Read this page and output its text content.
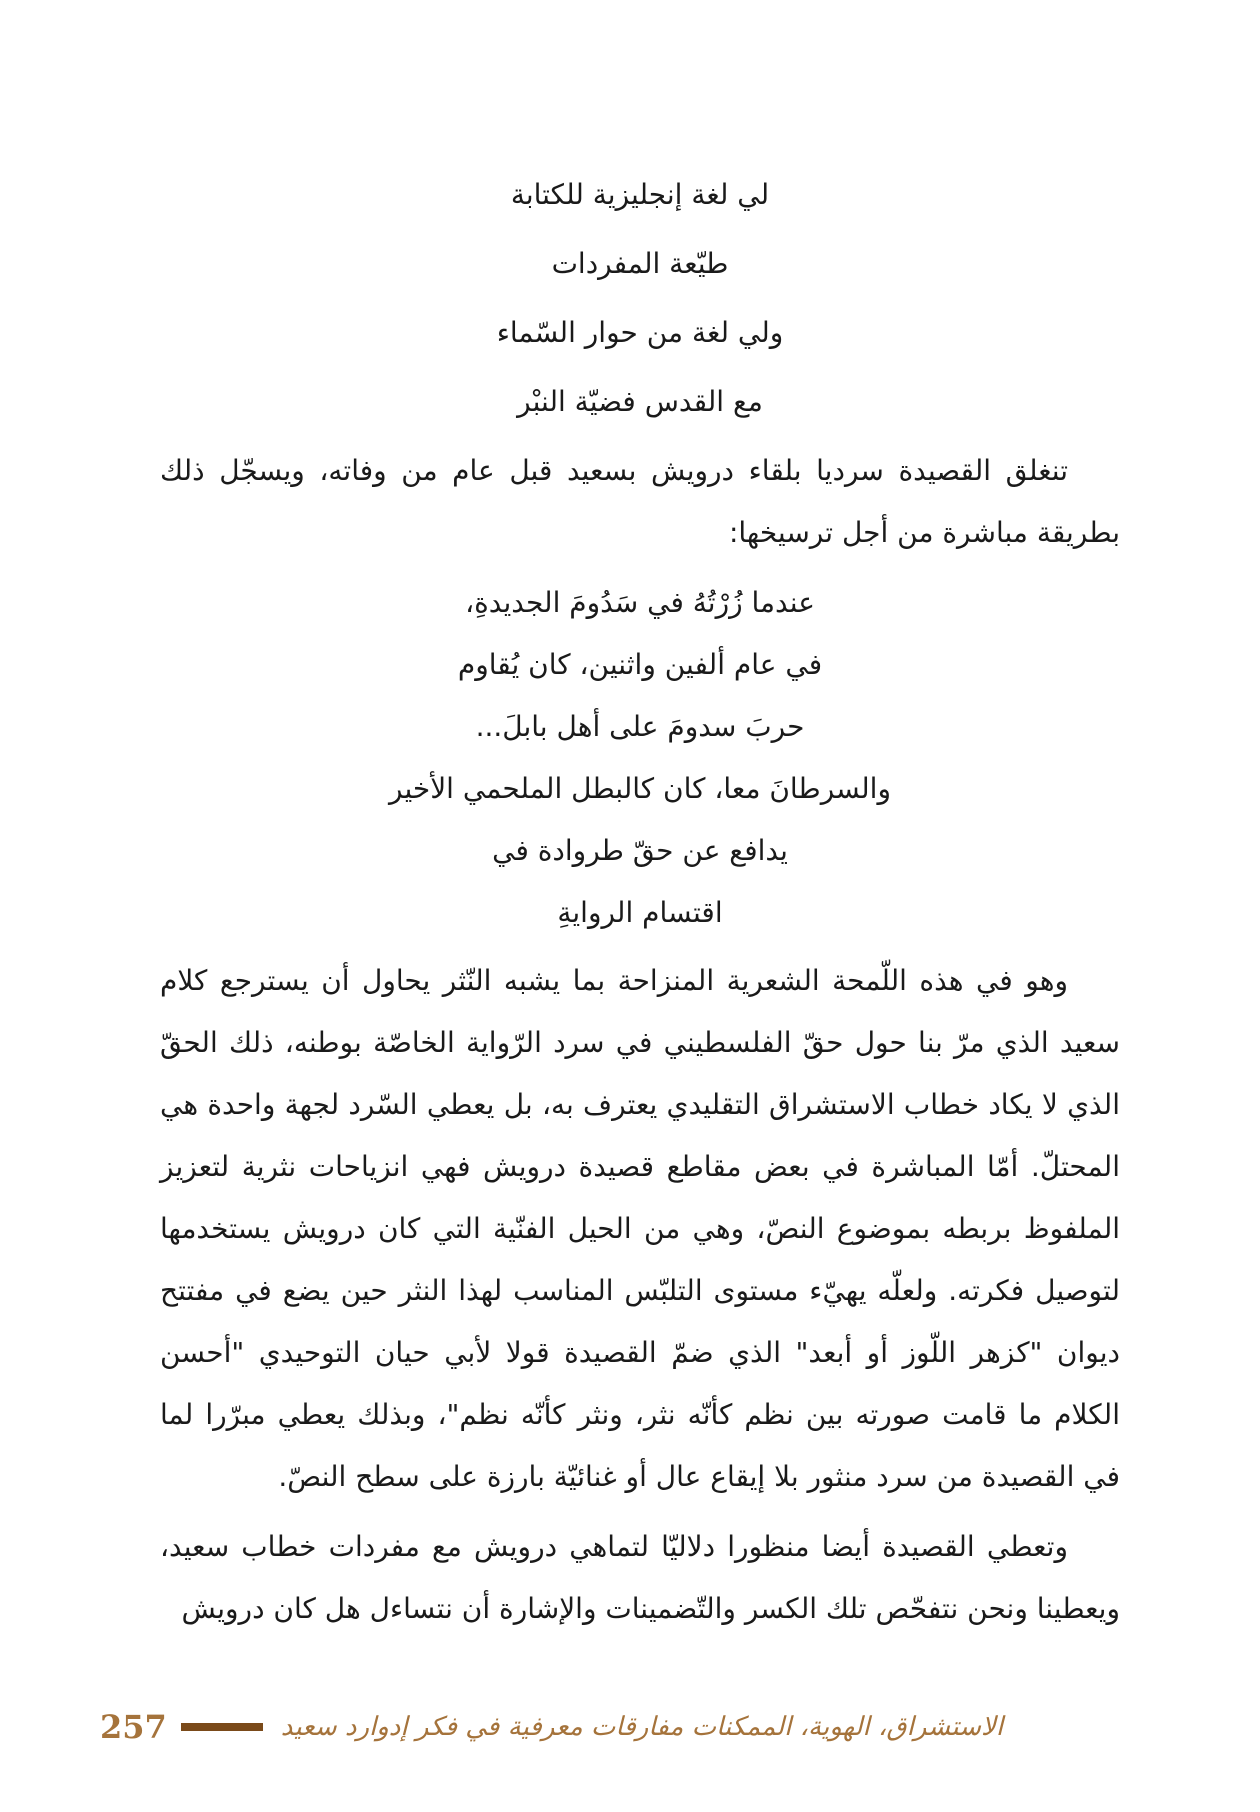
لي لغة إنجليزية للكتابة

طيّعة المفردات

ولي لغة من حوار السّماء

مع القدس فضيّة النبْر

تنغلق القصيدة سرديا بلقاء درويش بسعيد قبل عام من وفاته، ويسجّل ذلك بطريقة مباشرة من أجل ترسيخها:

عندما زُرْتُهُ في سَدُومَ الجديدةِ،

في عام ألفين واثنين، كان يُقاوم

حربَ سدومَ على أهل بابلَ...

والسرطانَ معا، كان كالبطل الملحمي الأخير

يدافع عن حقّ طروادة في

اقتسام الروايةِ

وهو في هذه اللّمحة الشعرية المنزاحة بما يشبه النّثر يحاول أن يسترجع كلام سعيد الذي مرّ بنا حول حقّ الفلسطيني في سرد الرّواية الخاصّة بوطنه، ذلك الحقّ الذي لا يكاد خطاب الاستشراق التقليدي يعترف به، بل يعطي السّرد لجهة واحدة هي المحتلّ. أمّا المباشرة في بعض مقاطع قصيدة درويش فهي انزياحات نثرية لتعزيز الملفوظ بربطه بموضوع النصّ، وهي من الحيل الفنّية التي كان درويش يستخدمها لتوصيل فكرته. ولعلّه يهيّء مستوى التلبّس المناسب لهذا النثر حين يضع في مفتتح ديوان "كزهر اللّوز أو أبعد" الذي ضمّ القصيدة قولا لأبي حيان التوحيدي "أحسن الكلام ما قامت صورته بين نظم كأنّه نثر، ونثر كأنّه نظم"، وبذلك يعطي مبرّرا لما في القصيدة من سرد منثور بلا إيقاع عال أو غنائيّة بارزة على سطح النصّ.

وتعطي القصيدة أيضا منظورا دلاليّا لتماهي درويش مع مفردات خطاب سعيد، ويعطينا ونحن نتفحّص تلك الكسر والتّضمينات والإشارة أن نتساءل هل كان درويش

257	الاستشراق، الهوية، الممكنات مفارقات معرفية في فكر إدوارد سعيد
